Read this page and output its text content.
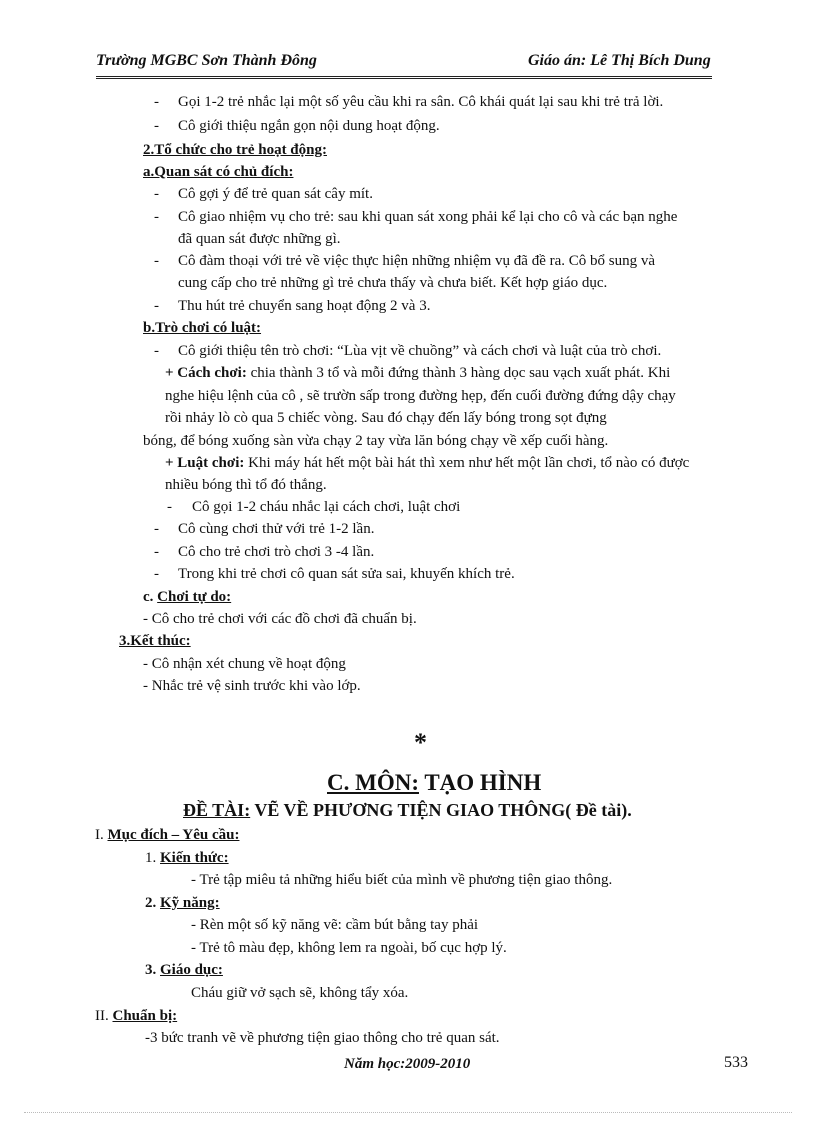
Trường MGBC Sơn Thành Đông	Giáo án: Lê Thị Bích Dung
- Gọi 1-2 trẻ nhắc lại một số yêu cầu khi ra sân. Cô khái quát lại sau khi trẻ trả lời.
- Cô giới thiệu ngắn gọn nội dung hoạt động.
2.Tổ chức cho trẻ hoạt động:
a.Quan sát có chủ đích:
- Cô gợi ý để trẻ quan sát cây mít.
- Cô giao nhiệm vụ cho trẻ: sau khi quan sát xong phải kể lại cho cô và các bạn nghe
đã quan sát được những gì.
- Cô đàm thoại với trẻ về việc thực hiện những nhiệm vụ đã đề ra. Cô bổ sung và
cung cấp cho trẻ những gì trẻ chưa thấy và chưa biết. Kết hợp giáo dục.
- Thu hút trẻ chuyển sang hoạt động 2 và 3.
b.Trò chơi có luật:
- Cô giới thiệu tên trò chơi: “Lùa vịt về chuồng” và cách chơi và luật của trò chơi.
+ Cách chơi: chia thành 3 tổ và mỗi đứng thành 3 hàng dọc sau vạch xuất phát. Khi
nghe hiệu lệnh của cô , sẽ trườn sấp trong đường hẹp, đến cuối đường đứng dậy chạy
rồi nhảy lò cò qua 5 chiếc vòng. Sau đó chạy đến lấy bóng trong sọt đựng
bóng, để bóng xuống sàn vừa chạy 2 tay vừa lăn bóng chạy về xếp cuối hàng.
+ Luật chơi: Khi máy hát hết một bài hát thì xem như hết một lần chơi, tổ nào có được
nhiều bóng thì tổ đó thắng.
- Cô gọi 1-2 cháu nhắc lại cách chơi, luật chơi
- Cô cùng chơi thử với trẻ 1-2 lần.
- Cô cho trẻ chơi trò chơi 3 -4 lần.
- Trong khi trẻ chơi cô quan sát sửa sai, khuyến khích trẻ.
c. Chơi tự do:
- Cô cho trẻ chơi với các đồ chơi đã chuẩn bị.
3.Kết thúc:
- Cô nhận xét chung về hoạt động
- Nhắc trẻ vệ sinh trước khi vào lớp.
*
C. MÔN: TẠO HÌNH
ĐỀ TÀI: VẼ VỀ PHƯƠNG TIỆN GIAO THÔNG( Đề tài).
I. Mục đích – Yêu cầu:
1. Kiến thức:
- Trẻ tập miêu tả những hiểu biết của mình về phương tiện giao thông.
2. Kỹ năng:
- Rèn một số kỹ năng vẽ: cầm bút bằng tay phải
- Trẻ tô màu đẹp, không lem ra ngoài, bố cục hợp lý.
3. Giáo dục:
Cháu giữ vở sạch sẽ, không tẩy xóa.
II. Chuẩn bị:
-3 bức tranh vẽ về phương tiện giao thông cho trẻ quan sát.
Năm học:2009-2010	533
